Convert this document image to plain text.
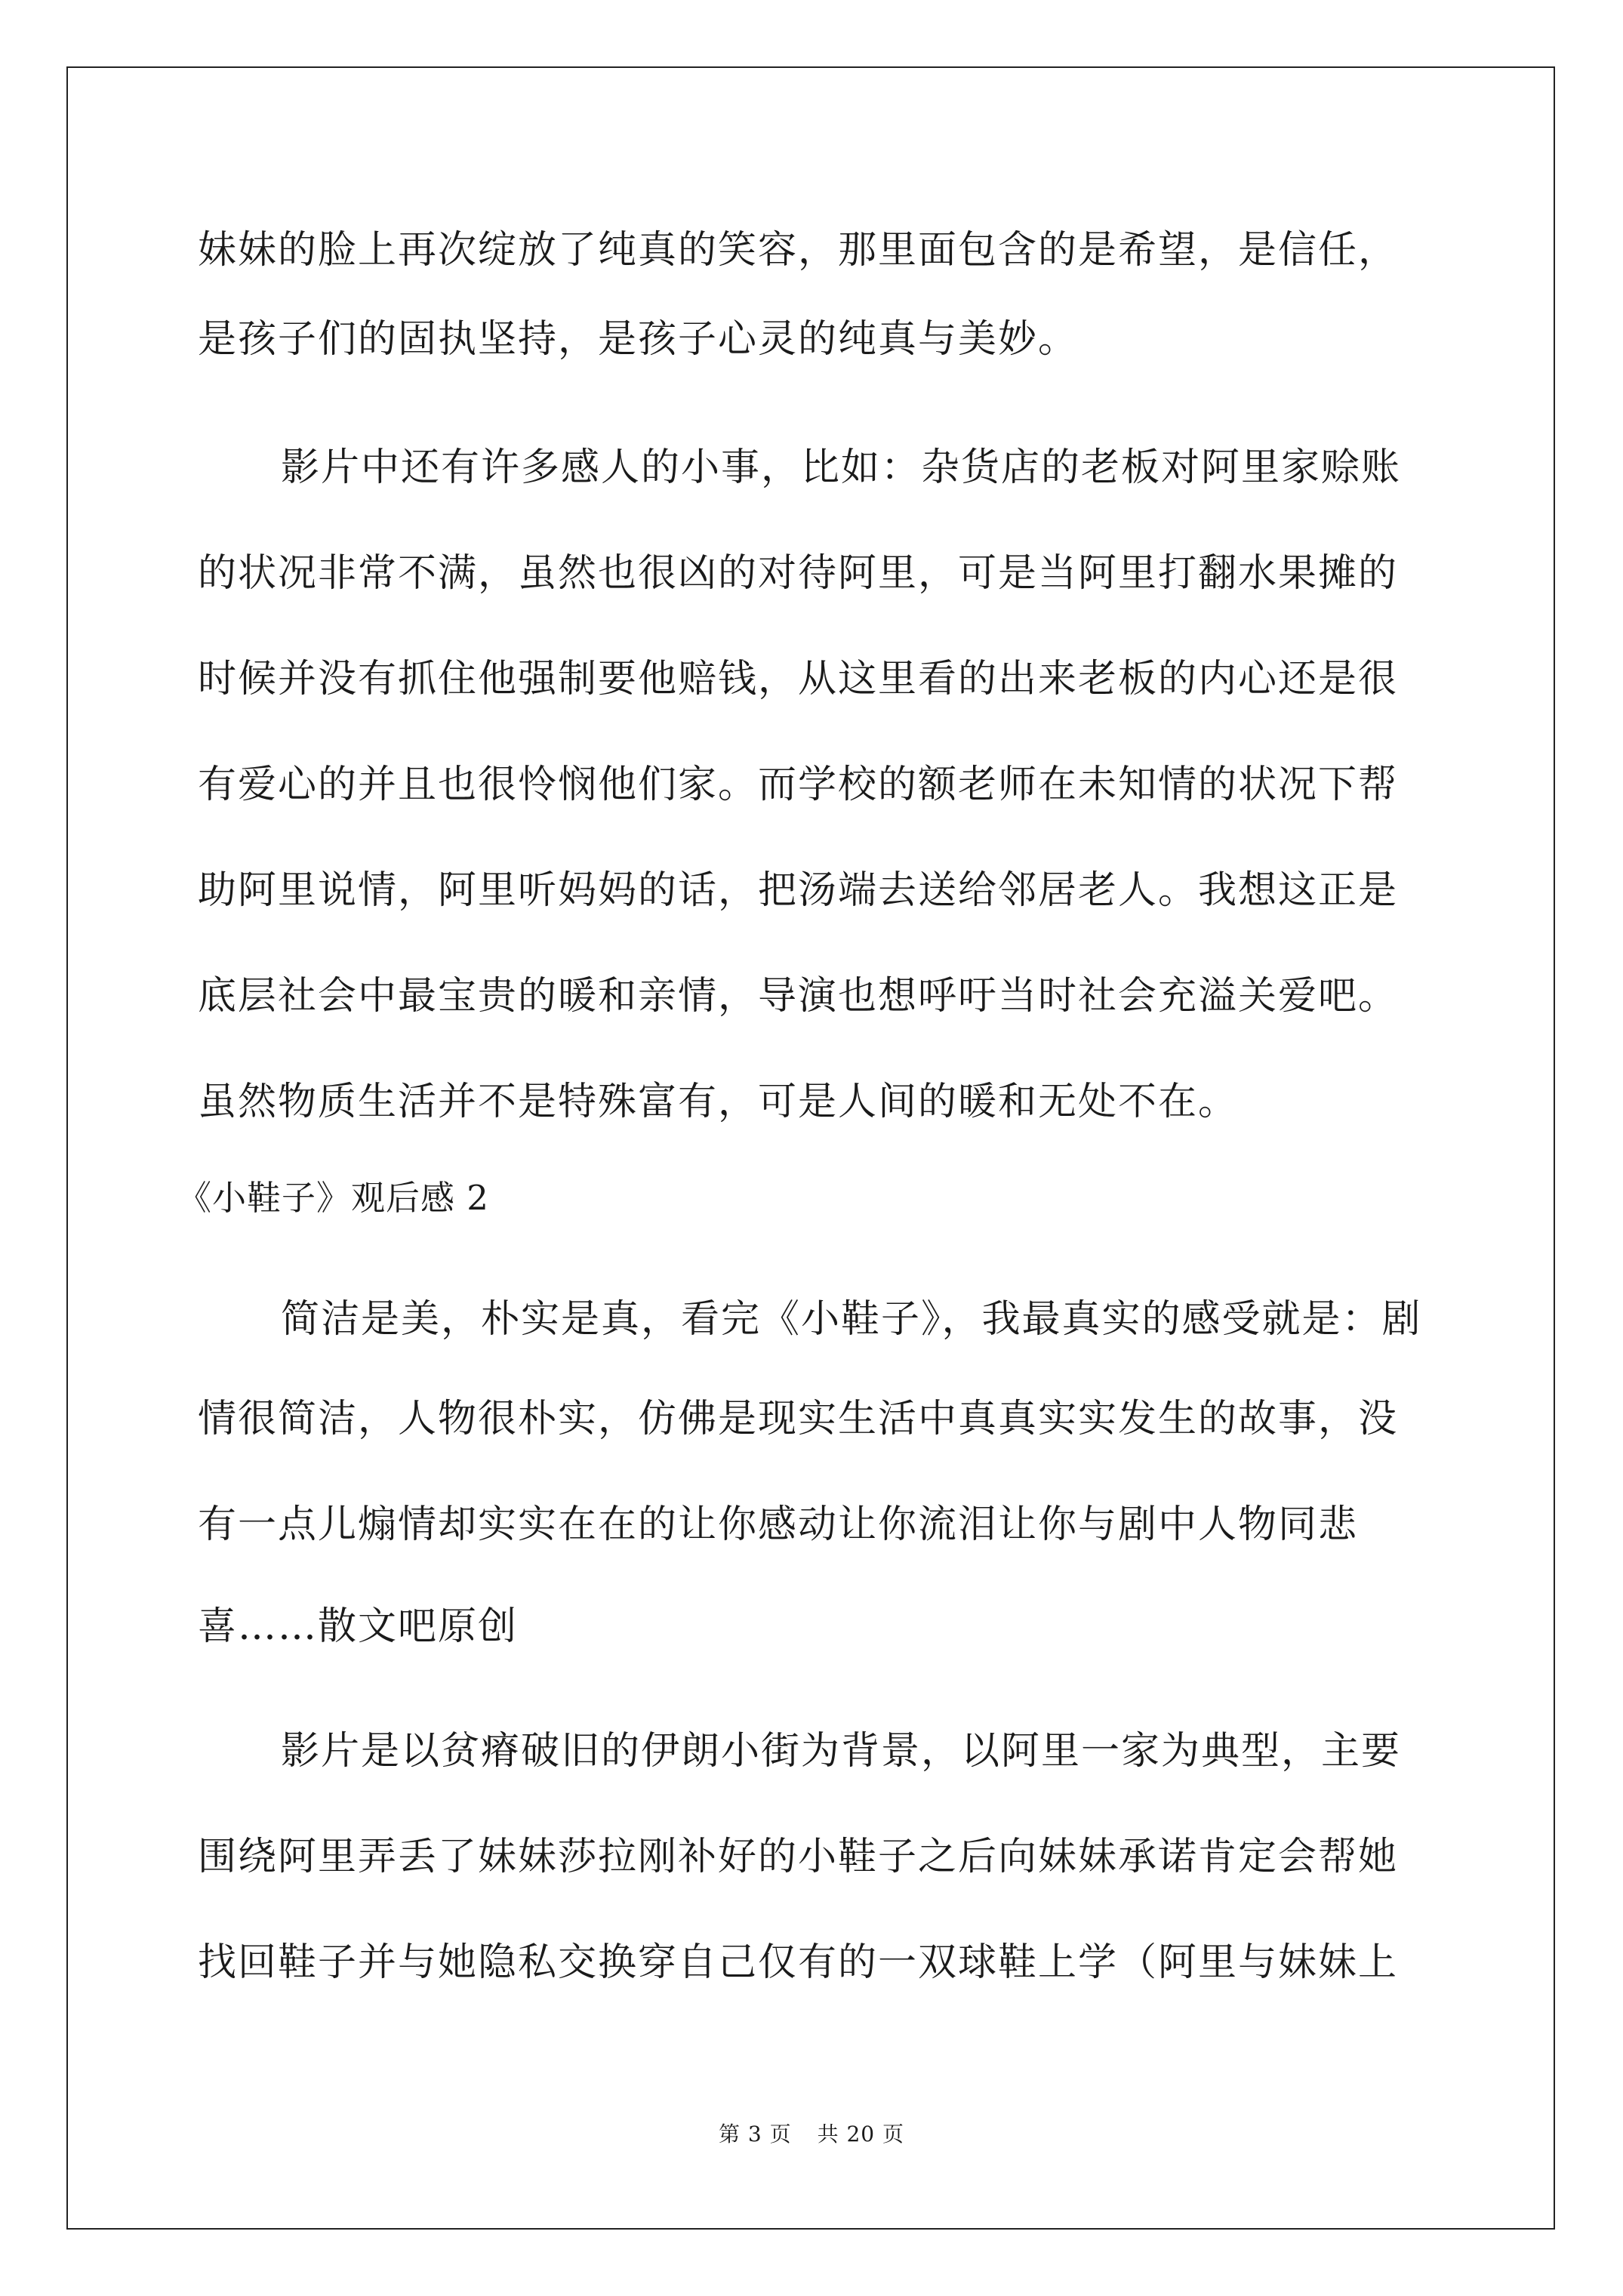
妹妹的脸上再次绽放了纯真的笑容，那里面包含的是希望，是信任，
是孩子们的固执坚持，是孩子心灵的纯真与美妙。
影片中还有许多感人的小事，比如：杂货店的老板对阿里家赊账
的状况非常不满，虽然也很凶的对待阿里，可是当阿里打翻水果摊的
时候并没有抓住他强制要他赔钱，从这里看的出来老板的内心还是很
有爱心的并且也很怜悯他们家。而学校的额老师在未知情的状况下帮
助阿里说情，阿里听妈妈的话，把汤端去送给邻居老人。我想这正是
底层社会中最宝贵的暖和亲情，导演也想呼吁当时社会充溢关爱吧。
虽然物质生活并不是特殊富有，可是人间的暖和无处不在。
《小鞋子》观后感 2
简洁是美，朴实是真，看完《小鞋子》，我最真实的感受就是：剧
情很简洁，人物很朴实，仿佛是现实生活中真真实实发生的故事，没
有一点儿煽情却实实在在的让你感动让你流泪让你与剧中人物同悲
喜……散文吧原创
影片是以贫瘠破旧的伊朗小街为背景，以阿里一家为典型，主要
围绕阿里弄丢了妹妹莎拉刚补好的小鞋子之后向妹妹承诺肯定会帮她
找回鞋子并与她隐私交换穿自己仅有的一双球鞋上学（阿里与妹妹上
第 3 页 共 20 页
